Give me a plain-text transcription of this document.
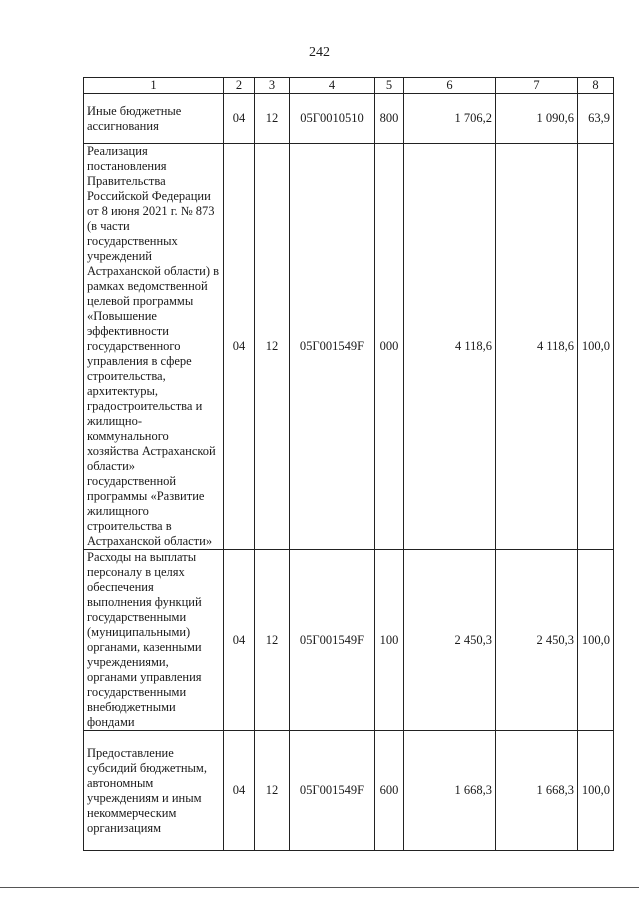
242
1	2	3	4	5	6	7	8
Иные бюджетные ассигнования	04	12	05Г0010510	800	1 706,2	1 090,6	63,9
Реализация постановления Правительства Российской Федерации от 8 июня 2021 г. № 873 (в части государственных учреждений Астраханской области) в рамках ведомственной целевой программы «Повышение эффективности государственного управления в сфере строительства, архитектуры, градостроительства и жилищно-коммунального хозяйства Астраханской области» государственной программы «Развитие жилищного строительства в Астраханской области»	04	12	05Г001549F	000	4 118,6	4 118,6	100,0
Расходы на выплаты персоналу в целях обеспечения выполнения функций государственными (муниципальными) органами, казенными учреждениями, органами управления государственными внебюджетными фондами	04	12	05Г001549F	100	2 450,3	2 450,3	100,0
Предоставление субсидий бюджетным, автономным учреждениям и иным некоммерческим организациям	04	12	05Г001549F	600	1 668,3	1 668,3	100,0
